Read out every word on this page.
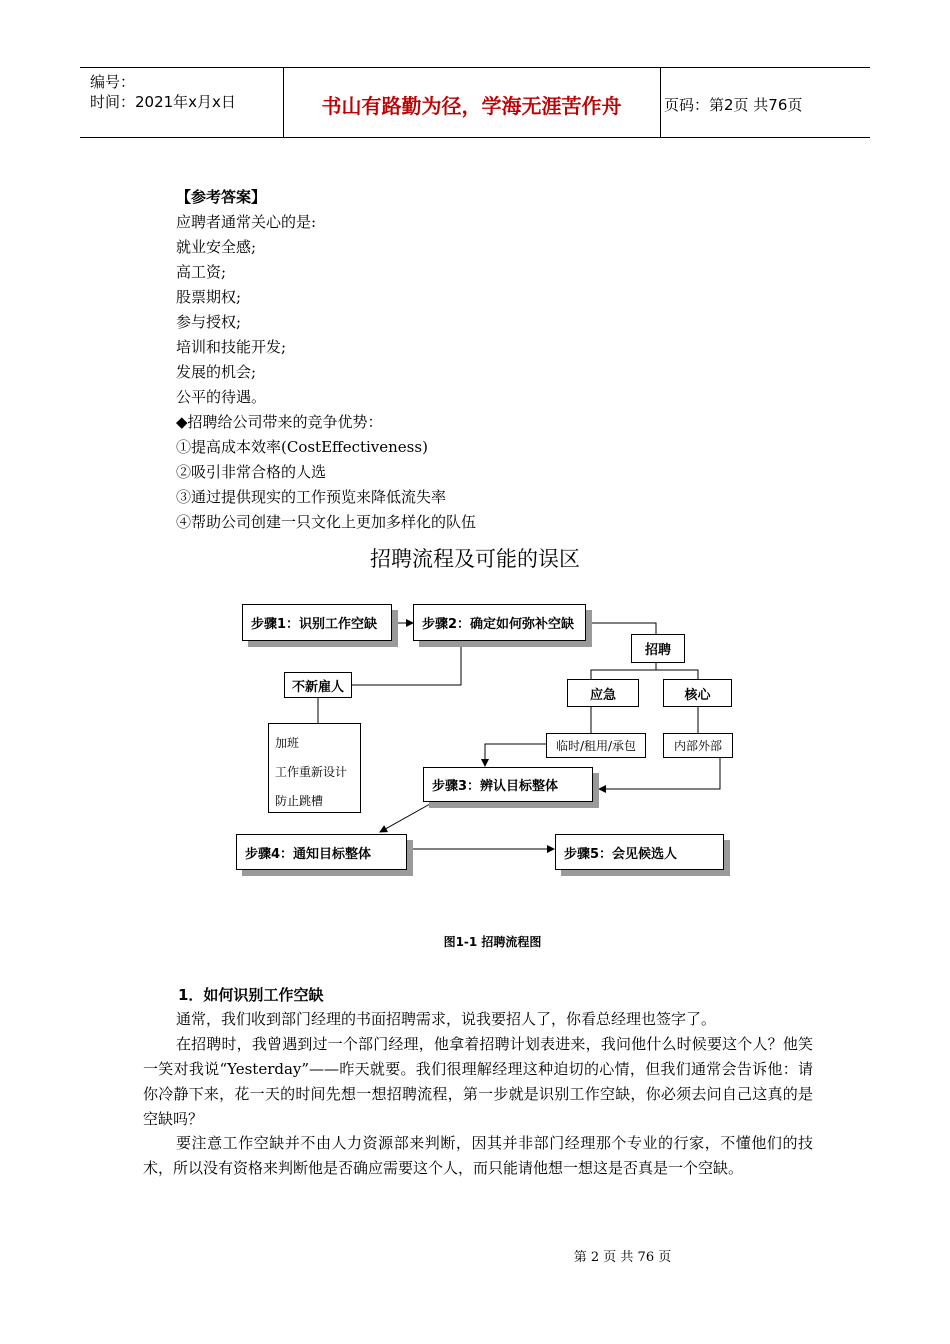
编号：
时间：2021年x月x日	书山有路勤为径，学海无涯苦作舟	页码：第2页 共76页
【参考答案】
应聘者通常关心的是:
就业安全感;
高工资;
股票期权;
参与授权;
培训和技能开发;
发展的机会;
公平的待遇。
◆招聘给公司带来的竞争优势：
①提高成本效率(CostEffectiveness)
②吸引非常合格的人选
③通过提供现实的工作预览来降低流失率
④帮助公司创建一只文化上更加多样化的队伍
招聘流程及可能的误区
步骤1：识别工作空缺	步骤2：确定如何弥补空缺
招聘
不新雇人
应急	核心
加班
工作重新设计
防止跳槽
临时/租用/承包	内部外部
步骤3：辨认目标整体
步骤4：通知目标整体	步骤5：会见候选人
图1-1 招聘流程图
1．如何识别工作空缺
通常，我们收到部门经理的书面招聘需求，说我要招人了，你看总经理也签字了。
在招聘时，我曾遇到过一个部门经理，他拿着招聘计划表进来，我问他什么时候要这个人？他笑一笑对我说“Yesterday”——昨天就要。我们很理解经理这种迫切的心情，但我们通常会告诉他：请你冷静下来，花一天的时间先想一想招聘流程，第一步就是识别工作空缺，你必须去问自己这真的是空缺吗？
要注意工作空缺并不由人力资源部来判断，因其并非部门经理那个专业的行家，不懂他们的技术，所以没有资格来判断他是否确应需要这个人，而只能请他想一想这是否真是一个空缺。
第 2 页 共 76 页
